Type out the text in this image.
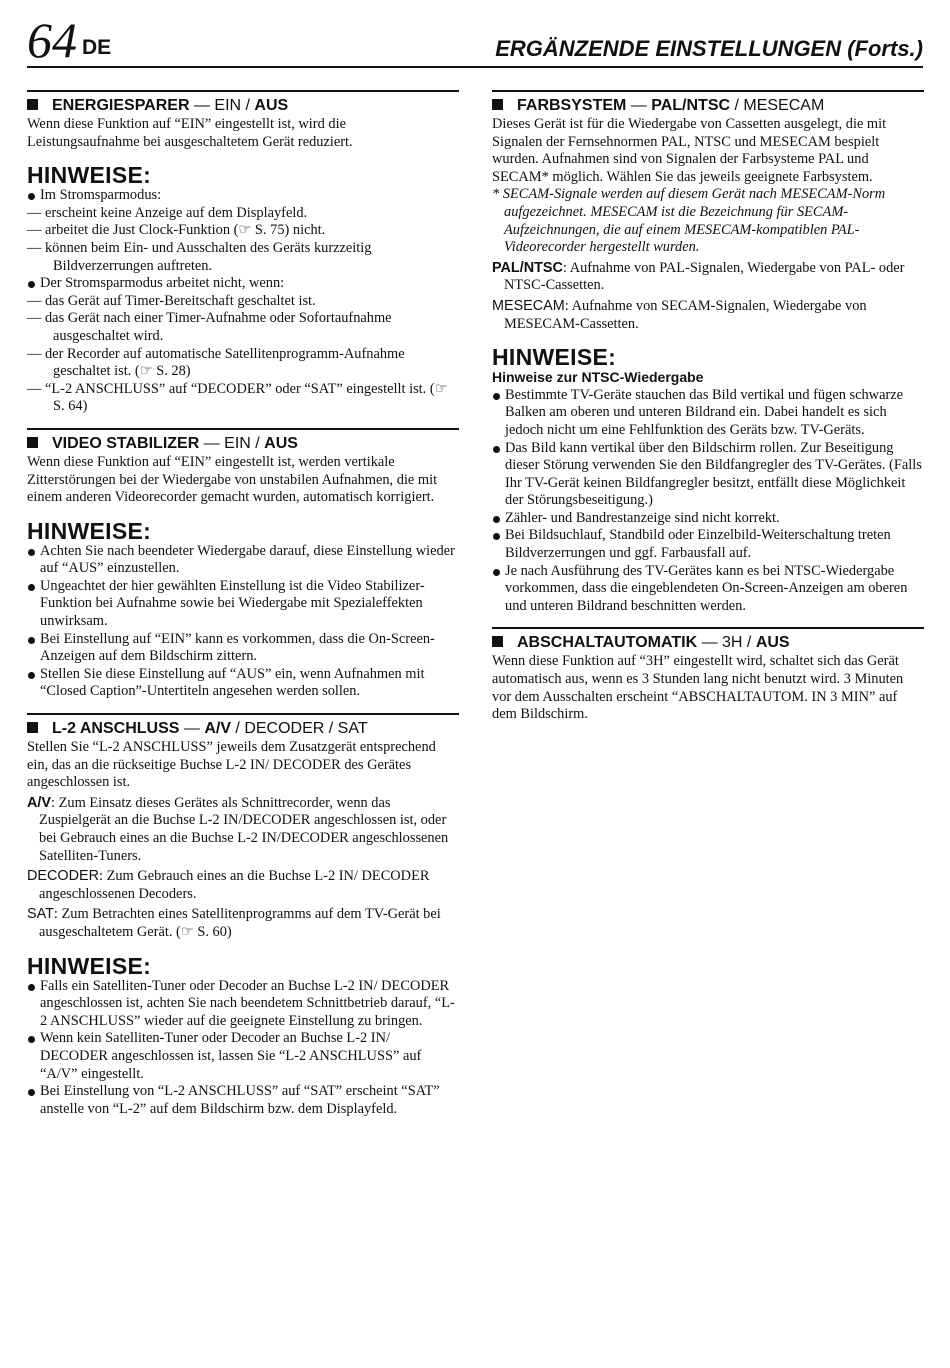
64 DE	ERGÄNZENDE EINSTELLUNGEN (Forts.)
ENERGIESPARER — EIN / AUS

Wenn diese Funktion auf “EIN” eingestellt ist, wird die Leistungsaufnahme bei ausgeschaltetem Gerät reduziert.

HINWEISE:
Im Stromsparmodus:
— erscheint keine Anzeige auf dem Displayfeld.
— arbeitet die Just Clock-Funktion (☞ S. 75) nicht.
— können beim Ein- und Ausschalten des Geräts kurzzeitig Bildverzerrungen auftreten.
Der Stromsparmodus arbeitet nicht, wenn:
— das Gerät auf Timer-Bereitschaft geschaltet ist.
— das Gerät nach einer Timer-Aufnahme oder Sofortaufnahme ausgeschaltet wird.
— der Recorder auf automatische Satellitenprogramm-Aufnahme geschaltet ist. (☞ S. 28)
— “L-2 ANSCHLUSS” auf “DECODER” oder “SAT” eingestellt ist. (☞ S. 64)
VIDEO STABILIZER — EIN / AUS

Wenn diese Funktion auf “EIN” eingestellt ist, werden vertikale Zitterstörungen bei der Wiedergabe von unstabilen Aufnahmen, die mit einem anderen Videorecorder gemacht wurden, automatisch korrigiert.

HINWEISE:
Achten Sie nach beendeter Wiedergabe darauf, diese Einstellung wieder auf “AUS” einzustellen.
Ungeachtet der hier gewählten Einstellung ist die Video Stabilizer-Funktion bei Aufnahme sowie bei Wiedergabe mit Spezialeffekten unwirksam.
Bei Einstellung auf “EIN” kann es vorkommen, dass die On-Screen-Anzeigen auf dem Bildschirm zittern.
Stellen Sie diese Einstellung auf “AUS” ein, wenn Aufnahmen mit “Closed Caption”-Untertiteln angesehen werden sollen.
L-2 ANSCHLUSS — A/V / DECODER / SAT

Stellen Sie “L-2 ANSCHLUSS” jeweils dem Zusatzgerät entsprechend ein, das an die rückseitige Buchse L-2 IN/ DECODER des Gerätes angeschlossen ist.

A/V: Zum Einsatz dieses Gerätes als Schnittrecorder, wenn das Zuspielgerät an die Buchse L-2 IN/DECODER angeschlossen ist, oder bei Gebrauch eines an die Buchse L-2 IN/DECODER angeschlossenen Satelliten-Tuners.

DECODER: Zum Gebrauch eines an die Buchse L-2 IN/ DECODER angeschlossenen Decoders.

SAT: Zum Betrachten eines Satellitenprogramms auf dem TV-Gerät bei ausgeschaltetem Gerät. (☞ S. 60)

HINWEISE:
Falls ein Satelliten-Tuner oder Decoder an Buchse L-2 IN/ DECODER angeschlossen ist, achten Sie nach beendetem Schnittbetrieb darauf, “L-2 ANSCHLUSS” wieder auf die geeignete Einstellung zu bringen.
Wenn kein Satelliten-Tuner oder Decoder an Buchse L-2 IN/ DECODER angeschlossen ist, lassen Sie “L-2 ANSCHLUSS” auf “A/V” eingestellt.
Bei Einstellung von “L-2 ANSCHLUSS” auf “SAT” erscheint “SAT” anstelle von “L-2” auf dem Bildschirm bzw. dem Displayfeld.
FARBSYSTEM — PAL/NTSC / MESECAM

Dieses Gerät ist für die Wiedergabe von Cassetten ausgelegt, die mit Signalen der Fernsehnormen PAL, NTSC und MESECAM bespielt wurden. Aufnahmen sind von Signalen der Farbsysteme PAL und SECAM* möglich. Wählen Sie das jeweils geeignete Farbsystem.

* SECAM-Signale werden auf diesem Gerät nach MESECAM-Norm aufgezeichnet. MESECAM ist die Bezeichnung für SECAM-Aufzeichnungen, die auf einem MESECAM-kompatiblen PAL-Videorecorder hergestellt wurden.

PAL/NTSC: Aufnahme von PAL-Signalen, Wiedergabe von PAL- oder NTSC-Cassetten.

MESECAM: Aufnahme von SECAM-Signalen, Wiedergabe von MESECAM-Cassetten.

HINWEISE:
Hinweise zur NTSC-Wiedergabe
Bestimmte TV-Geräte stauchen das Bild vertikal und fügen schwarze Balken am oberen und unteren Bildrand ein. Dabei handelt es sich jedoch nicht um eine Fehlfunktion des Geräts bzw. TV-Geräts.
Das Bild kann vertikal über den Bildschirm rollen. Zur Beseitigung dieser Störung verwenden Sie den Bildfangregler des TV-Gerätes. (Falls Ihr TV-Gerät keinen Bildfangregler besitzt, entfällt diese Möglichkeit der Störungsbeseitigung.)
Zähler- und Bandrestanzeige sind nicht korrekt.
Bei Bildsuchlauf, Standbild oder Einzelbild-Weiterschaltung treten Bildverzerrungen und ggf. Farbausfall auf.
Je nach Ausführung des TV-Gerätes kann es bei NTSC-Wiedergabe vorkommen, dass die eingeblendeten On-Screen-Anzeigen am oberen und unteren Bildrand beschnitten werden.
ABSCHALTAUTOMATIK — 3H / AUS

Wenn diese Funktion auf “3H” eingestellt wird, schaltet sich das Gerät automatisch aus, wenn es 3 Stunden lang nicht benutzt wird. 3 Minuten vor dem Ausschalten erscheint “ABSCHALTAUTOM. IN 3 MIN” auf dem Bildschirm.
